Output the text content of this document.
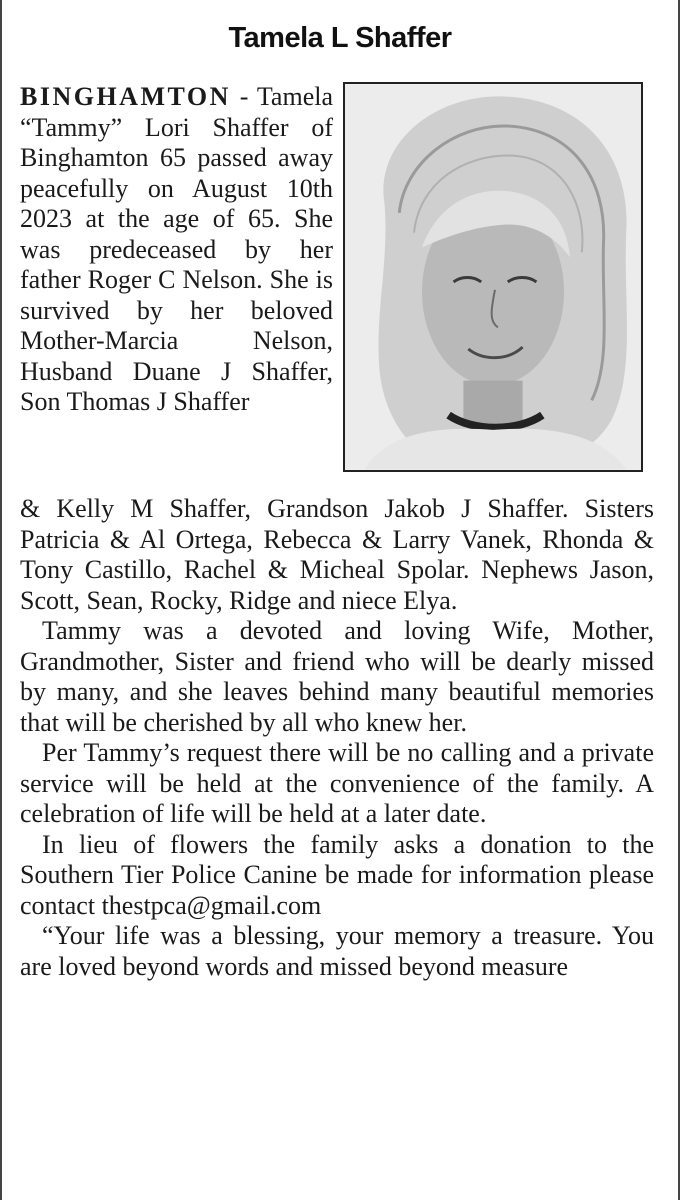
Tamela L Shaffer

BINGHAMTON - Tamela “Tammy” Lori Shaffer of Binghamton 65 passed away peacefully on August 10th 2023 at the age of 65. She was predeceased by her father Roger C Nelson. She is survived by her beloved Mother-Marcia Nelson, Husband Duane J Shaffer, Son Thomas J Shaffer

& Kelly M Shaffer, Grandson Jakob J Shaffer. Sisters Patricia & Al Ortega, Rebecca & Larry Vanek, Rhonda & Tony Castillo, Rachel & Micheal Spolar. Nephews Jason, Scott, Sean, Rocky, Ridge and niece Elya.

Tammy was a devoted and loving Wife, Mother, Grandmother, Sister and friend who will be dearly missed by many, and she leaves behind many beautiful memories that will be cherished by all who knew her.

Per Tammy’s request there will be no calling and a private service will be held at the convenience of the family. A celebration of life will be held at a later date.

In lieu of flowers the family asks a donation to the Southern Tier Police Canine be made for information please contact thestpca@gmail.com

“Your life was a blessing, your memory a treasure. You are loved beyond words and missed beyond measure
